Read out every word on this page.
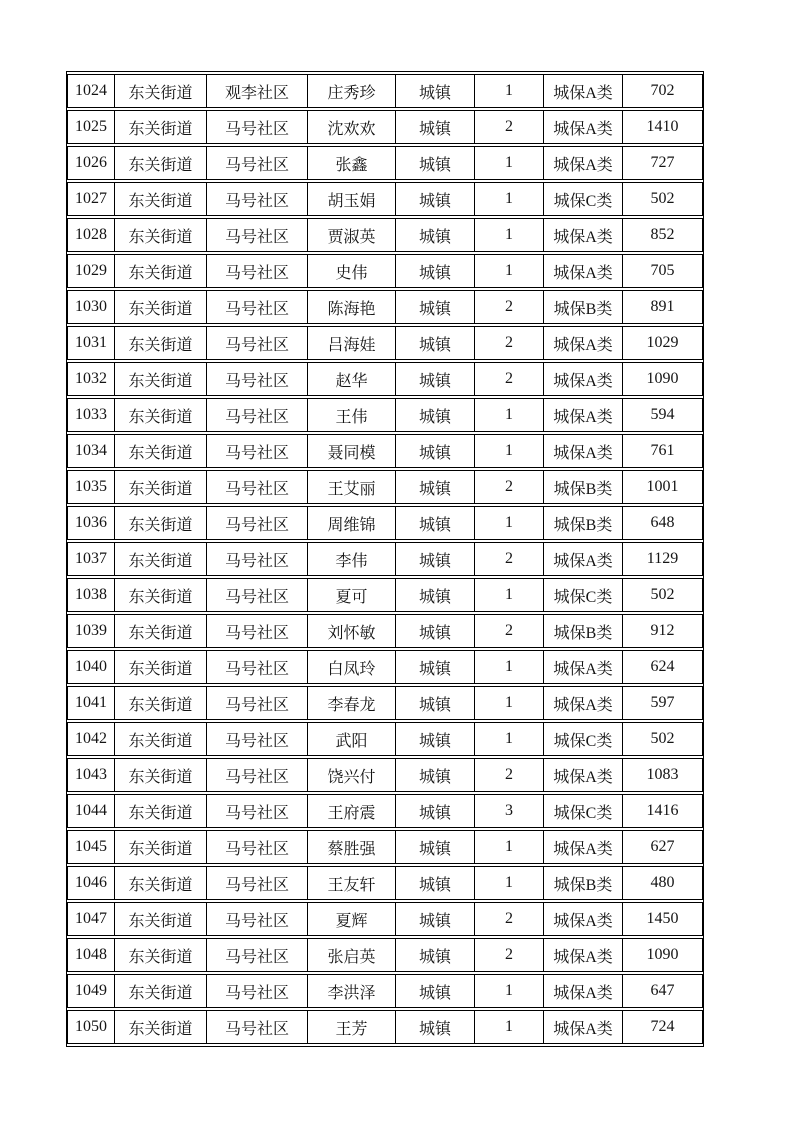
1024	东关街道	观李社区	庄秀珍	城镇	1	城保A类	702
1025	东关街道	马号社区	沈欢欢	城镇	2	城保A类	1410
1026	东关街道	马号社区	张鑫	城镇	1	城保A类	727
1027	东关街道	马号社区	胡玉娟	城镇	1	城保C类	502
1028	东关街道	马号社区	贾淑英	城镇	1	城保A类	852
1029	东关街道	马号社区	史伟	城镇	1	城保A类	705
1030	东关街道	马号社区	陈海艳	城镇	2	城保B类	891
1031	东关街道	马号社区	吕海娃	城镇	2	城保A类	1029
1032	东关街道	马号社区	赵华	城镇	2	城保A类	1090
1033	东关街道	马号社区	王伟	城镇	1	城保A类	594
1034	东关街道	马号社区	聂同模	城镇	1	城保A类	761
1035	东关街道	马号社区	王艾丽	城镇	2	城保B类	1001
1036	东关街道	马号社区	周维锦	城镇	1	城保B类	648
1037	东关街道	马号社区	李伟	城镇	2	城保A类	1129
1038	东关街道	马号社区	夏可	城镇	1	城保C类	502
1039	东关街道	马号社区	刘怀敏	城镇	2	城保B类	912
1040	东关街道	马号社区	白凤玲	城镇	1	城保A类	624
1041	东关街道	马号社区	李春龙	城镇	1	城保A类	597
1042	东关街道	马号社区	武阳	城镇	1	城保C类	502
1043	东关街道	马号社区	饶兴付	城镇	2	城保A类	1083
1044	东关街道	马号社区	王府震	城镇	3	城保C类	1416
1045	东关街道	马号社区	蔡胜强	城镇	1	城保A类	627
1046	东关街道	马号社区	王友轩	城镇	1	城保B类	480
1047	东关街道	马号社区	夏辉	城镇	2	城保A类	1450
1048	东关街道	马号社区	张启英	城镇	2	城保A类	1090
1049	东关街道	马号社区	李洪泽	城镇	1	城保A类	647
1050	东关街道	马号社区	王芳	城镇	1	城保A类	724
